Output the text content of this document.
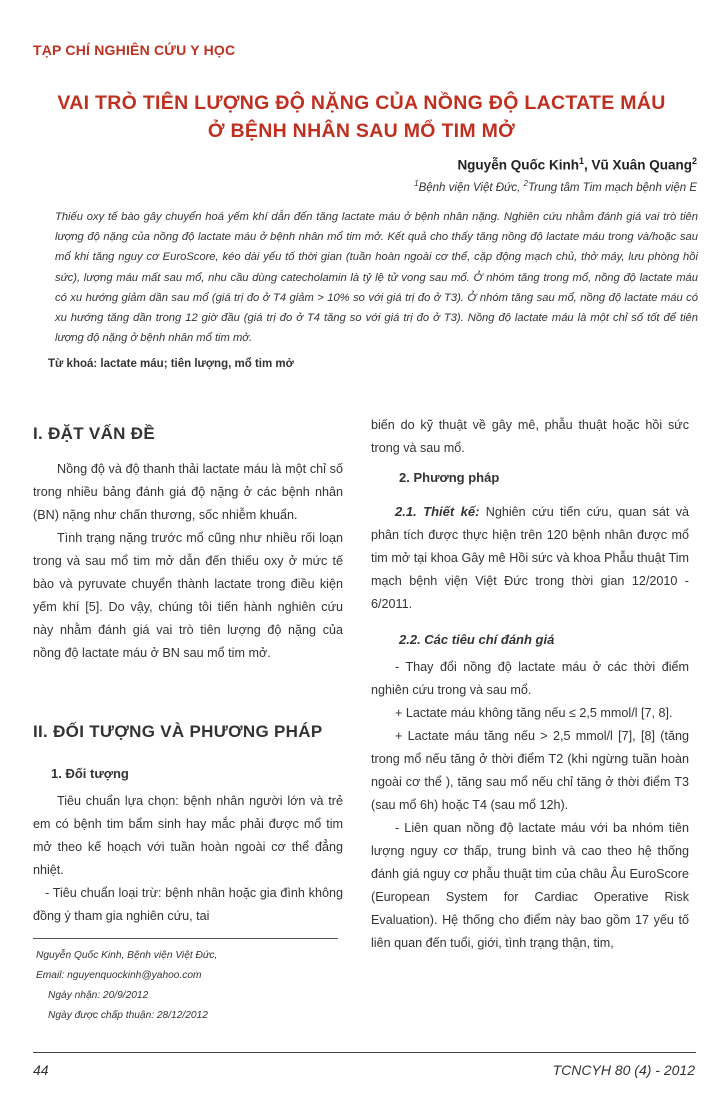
TẠP CHÍ NGHIÊN CỨU Y HỌC
VAI TRÒ TIÊN LƯỢNG ĐỘ NẶNG CỦA NỒNG ĐỘ LACTATE MÁU
Ở BỆNH NHÂN SAU MỔ TIM MỞ
Nguyễn Quốc Kinh$^1$, Vũ Xuân Quang$^2$
$^1$Bệnh viện Việt Đức, $^2$Trung tâm Tim mạch bệnh viện E
Thiếu oxy tế bào gây chuyển hoá yếm khí dẫn đến tăng lactate máu ở bệnh nhân nặng. Nghiên cứu nhằm đánh giá vai trò tiên lượng độ nặng của nồng độ lactate máu ở bệnh nhân mổ tim mở. Kết quả cho thấy tăng nồng độ lactate máu trong và/hoặc sau mổ khi tăng nguy cơ EuroScore, kéo dài yếu tố thời gian (tuần hoàn ngoài cơ thể, cặp động mạch chủ, thở máy, lưu phòng hồi sức), lượng máu mất sau mổ, nhu cầu dùng catecholamin là tỷ lệ tử vong sau mổ. Ở nhóm tăng trong mổ, nồng độ lactate máu có xu hướng giảm dần sau mổ (giá trị đo ở T4 giảm > 10% so với giá trị đo ở T3). Ở nhóm tăng sau mổ, nồng độ lactate máu có xu hướng tăng dần trong 12 giờ đầu (giá trị đo ở T4 tăng so với giá trị đo ở T3). Nồng độ lactate máu là một chỉ số tốt để tiên lượng độ nặng ở bệnh nhân mổ tim mở.
Từ khoá: lactate máu; tiên lượng, mổ tim mở
I. ĐẶT VẤN ĐỀ

Nồng độ và độ thanh thải lactate máu là một chỉ số trong nhiều bảng đánh giá độ nặng ở các bệnh nhân (BN) nặng như chấn thương, sốc nhiễm khuẩn.

Tình trạng nặng trước mổ cũng như nhiều rối loạn trong và sau mổ tim mở dẫn đến thiếu oxy ở mức tế bào và pyruvate chuyển thành lactate trong điều kiện yếm khí [5]. Do vậy, chúng tôi tiến hành nghiên cứu này nhằm đánh giá vai trò tiên lượng độ nặng của nồng độ lactate máu ở BN sau mổ tim mở.

II. ĐỐI TƯỢNG VÀ PHƯƠNG PHÁP
1. Đối tượng

Tiêu chuẩn lựa chọn: bệnh nhân người lớn và trẻ em có bệnh tim bẩm sinh hay mắc phải được mổ tim mở theo kế hoạch với tuần hoàn ngoài cơ thể đẳng nhiệt.

- Tiêu chuẩn loại trừ: bệnh nhân hoặc gia đình không đồng ý tham gia nghiên cứu, tai

biến do kỹ thuật về gây mê, phẫu thuật hoặc hồi sức trong và sau mổ.

2. Phương pháp

2.1. Thiết kế: Nghiên cứu tiến cứu, quan sát và phân tích được thực hiện trên 120 bệnh nhân được mổ tim mở tại khoa Gây mê Hồi sức và khoa Phẫu thuật Tim mạch bệnh viện Việt Đức trong thời gian 12/2010 - 6/2011.

2.2. Các tiêu chí đánh giá

- Thay đổi nồng độ lactate máu ở các thời điểm nghiên cứu trong và sau mổ.

+ Lactate máu không tăng nếu ≤ 2,5 mmol/l [7, 8].

+ Lactate máu tăng nếu > 2,5 mmol/l [7], [8] (tăng trong mổ nếu tăng ở thời điểm T2 (khi ngừng tuần hoàn ngoài cơ thể ), tăng sau mổ nếu chỉ tăng ở thời điểm T3 (sau mổ 6h) hoặc T4 (sau mổ 12h).

- Liên quan nồng độ lactate máu với ba nhóm tiên lượng nguy cơ thấp, trung bình và cao theo hệ thống đánh giá nguy cơ phẫu thuật tim của châu Âu EuroScore (European System for Cardiac Operative Risk Evaluation). Hệ thống cho điểm này bao gồm 17 yếu tố liên quan đến tuổi, giới, tình trạng thận, tim,

Nguyễn Quốc Kinh, Bệnh viện Việt Đức,
Email: nguyenquockinh@yahoo.com
Ngày nhận: 20/9/2012
Ngày được chấp thuận: 28/12/2012
44	TCNCYH 80 (4) - 2012
